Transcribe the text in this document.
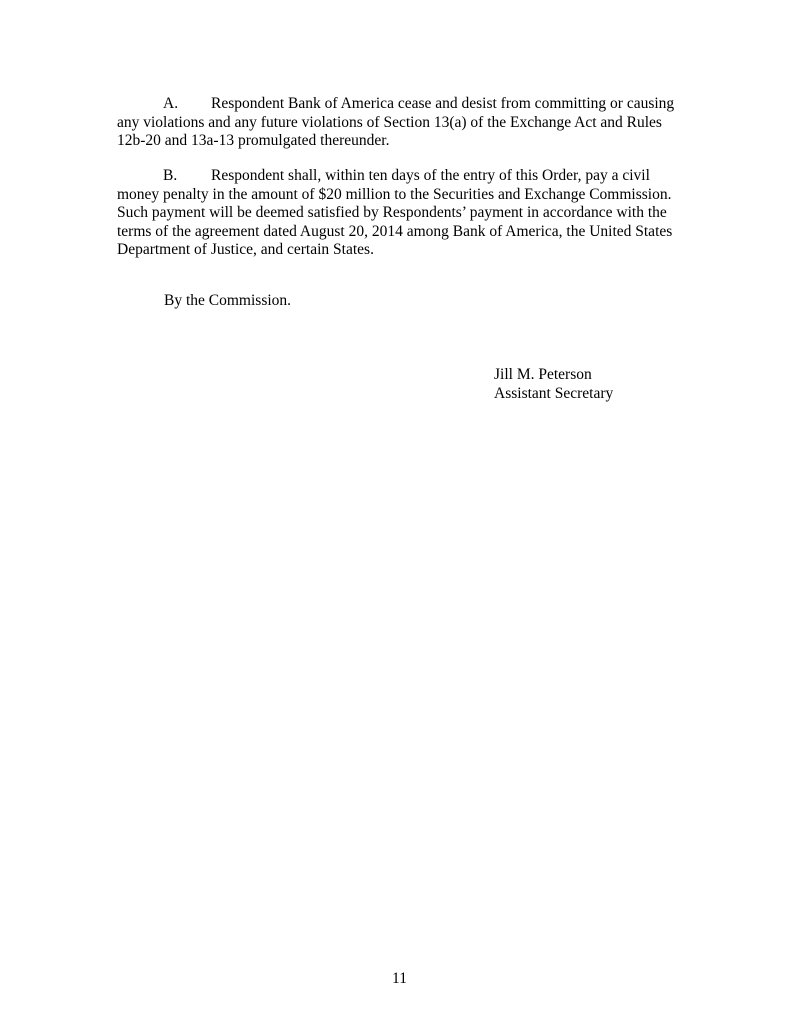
A. Respondent Bank of America cease and desist from committing or causing
any violations and any future violations of Section 13(a) of the Exchange Act and Rules
12b-20 and 13a-13 promulgated thereunder.

B. Respondent shall, within ten days of the entry of this Order, pay a civil
money penalty in the amount of $20 million to the Securities and Exchange Commission.
Such payment will be deemed satisfied by Respondents’ payment in accordance with the
terms of the agreement dated August 20, 2014 among Bank of America, the United States
Department of Justice, and certain States.

By the Commission.

Jill M. Peterson
Assistant Secretary

11
